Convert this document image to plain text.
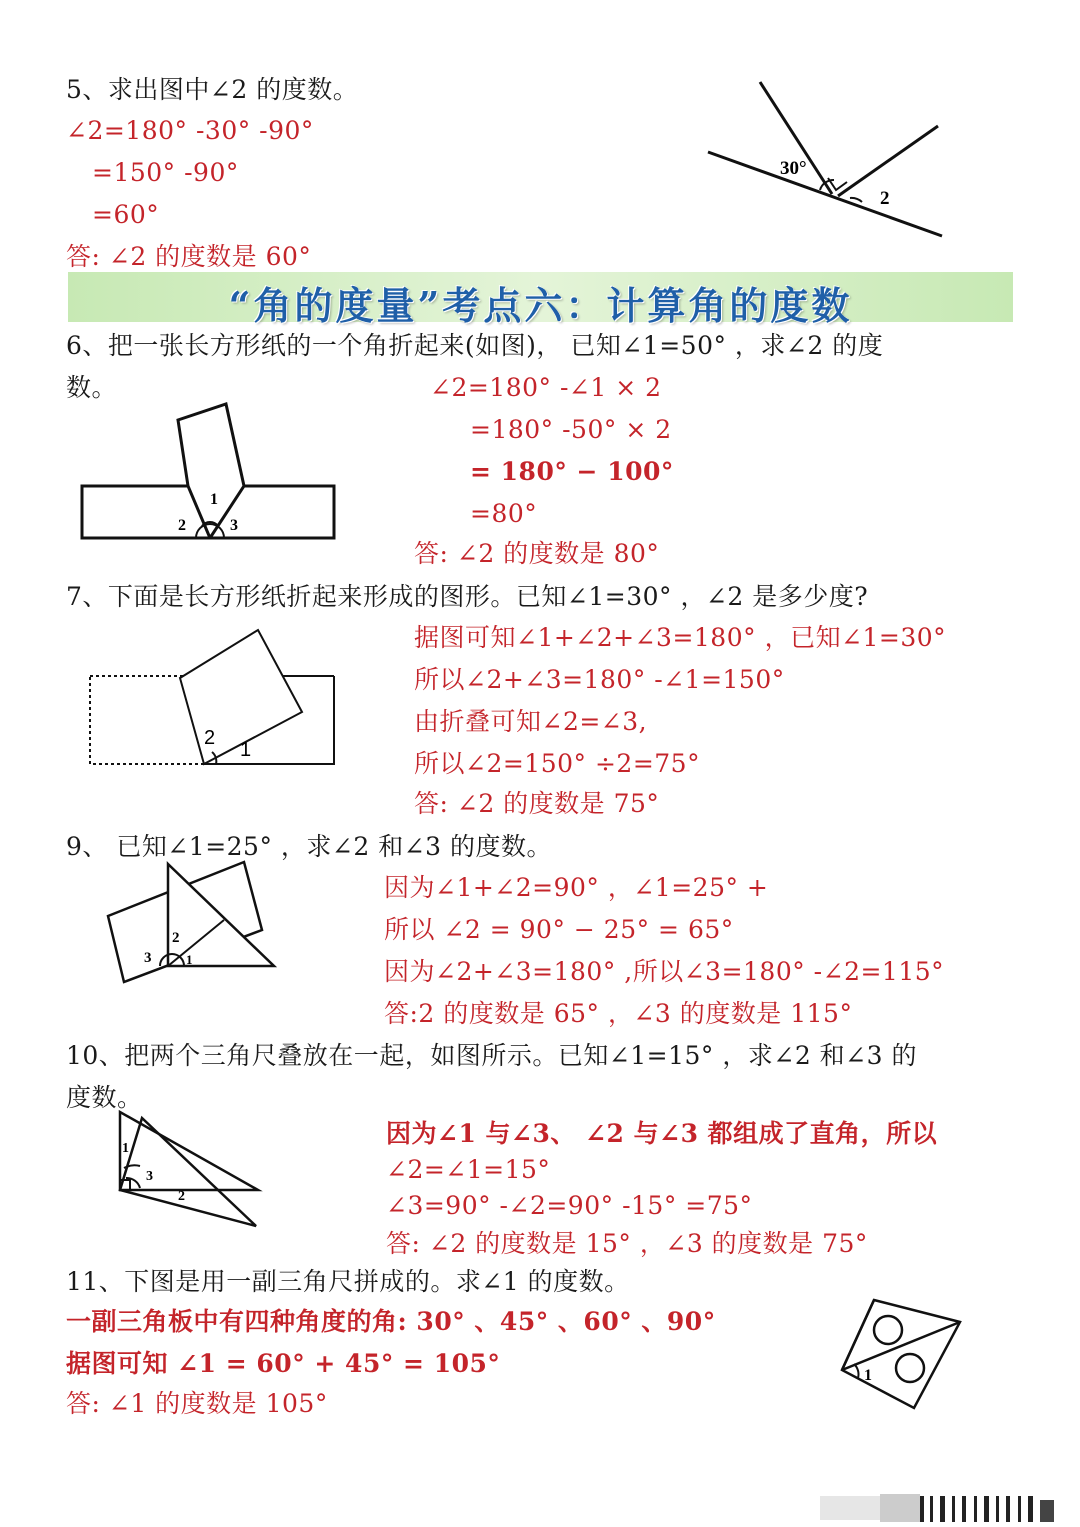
5、求出图中∠2 的度数。
∠2=180° -30° -90°
=150° -90°
=60°
答: ∠2 的度数是 60°
30°
2
“角的度量”考点六：计算角的度数
6、把一张长方形纸的一个角折起来(如图)， 已知∠1=50° ，求∠2 的度
数。	∠2=180° -∠1 × 2
=180° -50° × 2
= 180° − 100°
=80°
答: ∠2 的度数是 80°
1
2	3
7、下面是长方形纸折起来形成的图形。已知∠1=30° ，∠2 是多少度?
据图可知∠1+∠2+∠3=180° ，已知∠1=30°
所以∠2+∠3=180° -∠1=150°
由折叠可知∠2=∠3,
所以∠2=150° ÷2=75°
答: ∠2 的度数是 75°
2
1
9、 已知∠1=25° ，求∠2 和∠3 的度数。
因为∠1+∠2=90° ，∠1=25° +
所以 ∠2 = 90° − 25° = 65°
因为∠2+∠3=180° ,所以∠3=180° -∠2=115°
答:2 的度数是 65° ，∠3 的度数是 115°
2
3	1
10、把两个三角尺叠放在一起，如图所示。已知∠1=15° ，求∠2 和∠3 的
度数。
因为∠1 与∠3、 ∠2 与∠3 都组成了直角，所以
∠2=∠1=15°
∠3=90° -∠2=90° -15° =75°
答: ∠2 的度数是 15° ，∠3 的度数是 75°
1
3
2
11、下图是用一副三角尺拼成的。求∠1 的度数。
一副三角板中有四种角度的角: 30° 、45° 、60° 、90°
据图可知 ∠1 = 60° + 45° = 105°
答: ∠1 的度数是 105°
1
